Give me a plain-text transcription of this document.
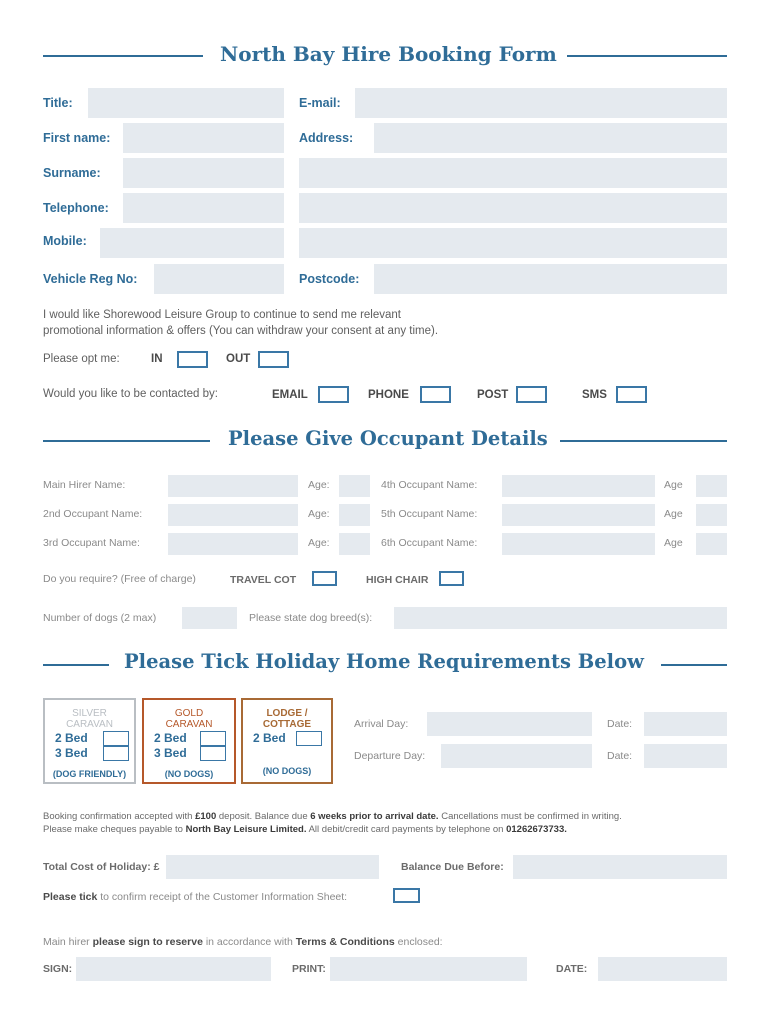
North Bay Hire Booking Form
Title:	E-mail:
First name:	Address:
Surname:
Telephone:
Mobile:
Vehicle Reg No:	Postcode:
I would like Shorewood Leisure Group to continue to send me relevant
promotional information & offers (You can withdraw your consent at any time).
Please opt me:	IN	OUT
Would you like to be contacted by:	EMAIL	PHONE	POST	SMS
Please Give Occupant Details
Main Hirer Name:	Age:	4th Occupant Name:	Age
2nd Occupant Name:	Age:	5th Occupant Name:	Age
3rd Occupant Name:	Age:	6th Occupant Name:	Age
Do you require? (Free of charge)	TRAVEL COT	HIGH CHAIR
Number of dogs (2 max)	Please state dog breed(s):
Please Tick Holiday Home Requirements Below
SILVER
CARAVAN
2 Bed
3 Bed
(DOG FRIENDLY)
GOLD
CARAVAN
2 Bed
3 Bed
(NO DOGS)
LODGE /
COTTAGE
2 Bed
(NO DOGS)
Arrival Day:	Date:
Departure Day:	Date:
Booking confirmation accepted with £100 deposit. Balance due 6 weeks prior to arrival date. Cancellations must be confirmed in writing.
Please make cheques payable to North Bay Leisure Limited. All debit/credit card payments by telephone on 01262673733.
Total Cost of Holiday: £	Balance Due Before:
Please tick to confirm receipt of the Customer Information Sheet:
Main hirer please sign to reserve in accordance with Terms & Conditions enclosed:
SIGN:	PRINT:	DATE:
